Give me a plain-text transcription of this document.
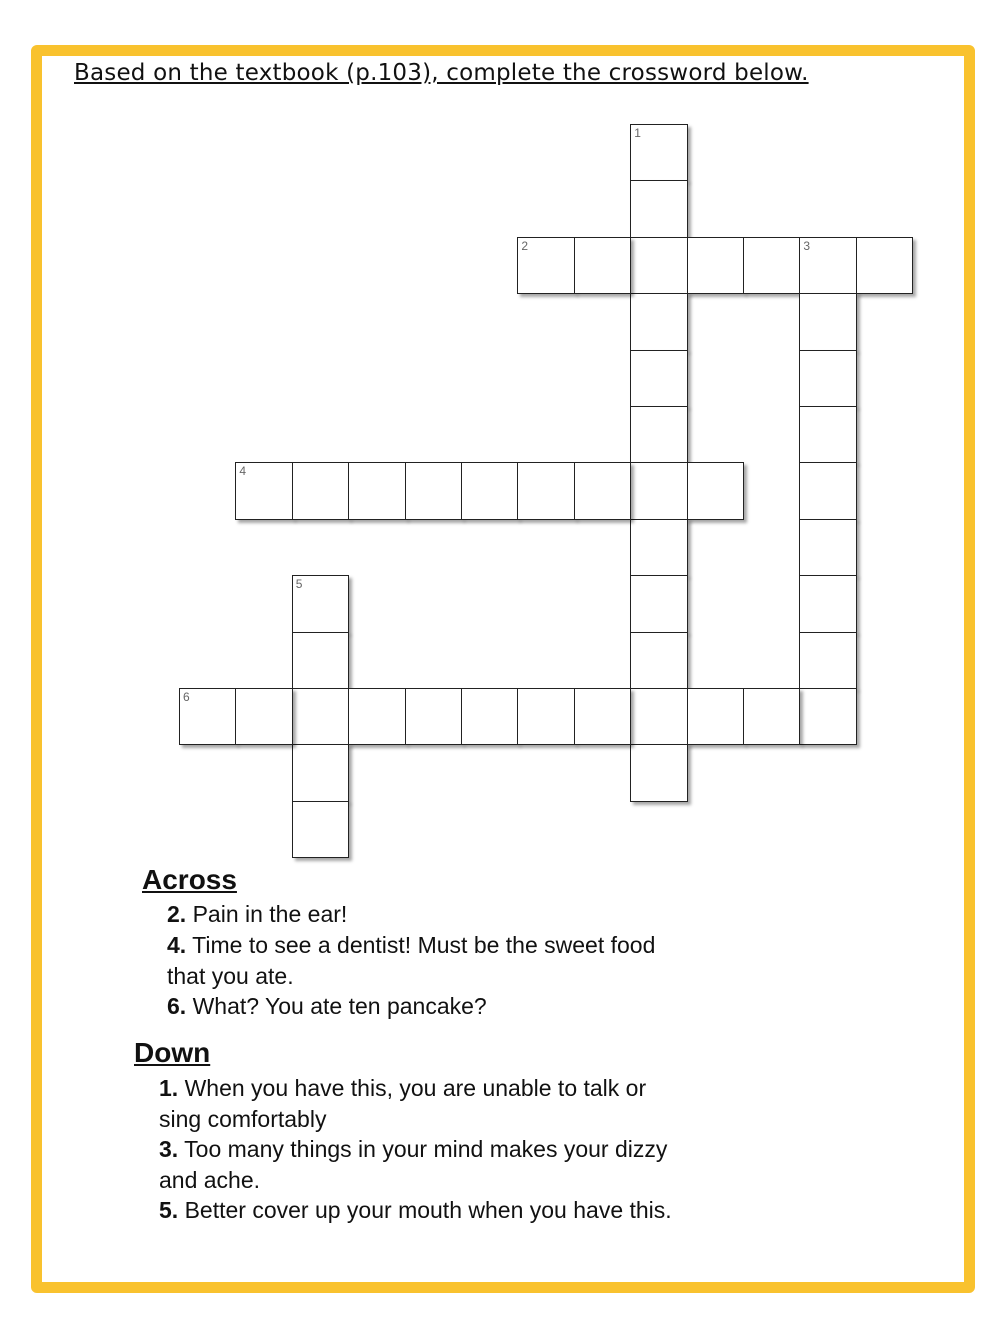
Based on the textbook (p.103), complete the crossword below.
1
2	3
4
5
6
Across
2. Pain in the ear!
4. Time to see a dentist! Must be the sweet food
that you ate.
6. What? You ate ten pancake?
Down
1. When you have this, you are unable to talk or
sing comfortably
3. Too many things in your mind makes your dizzy
and ache.
5. Better cover up your mouth when you have this.
